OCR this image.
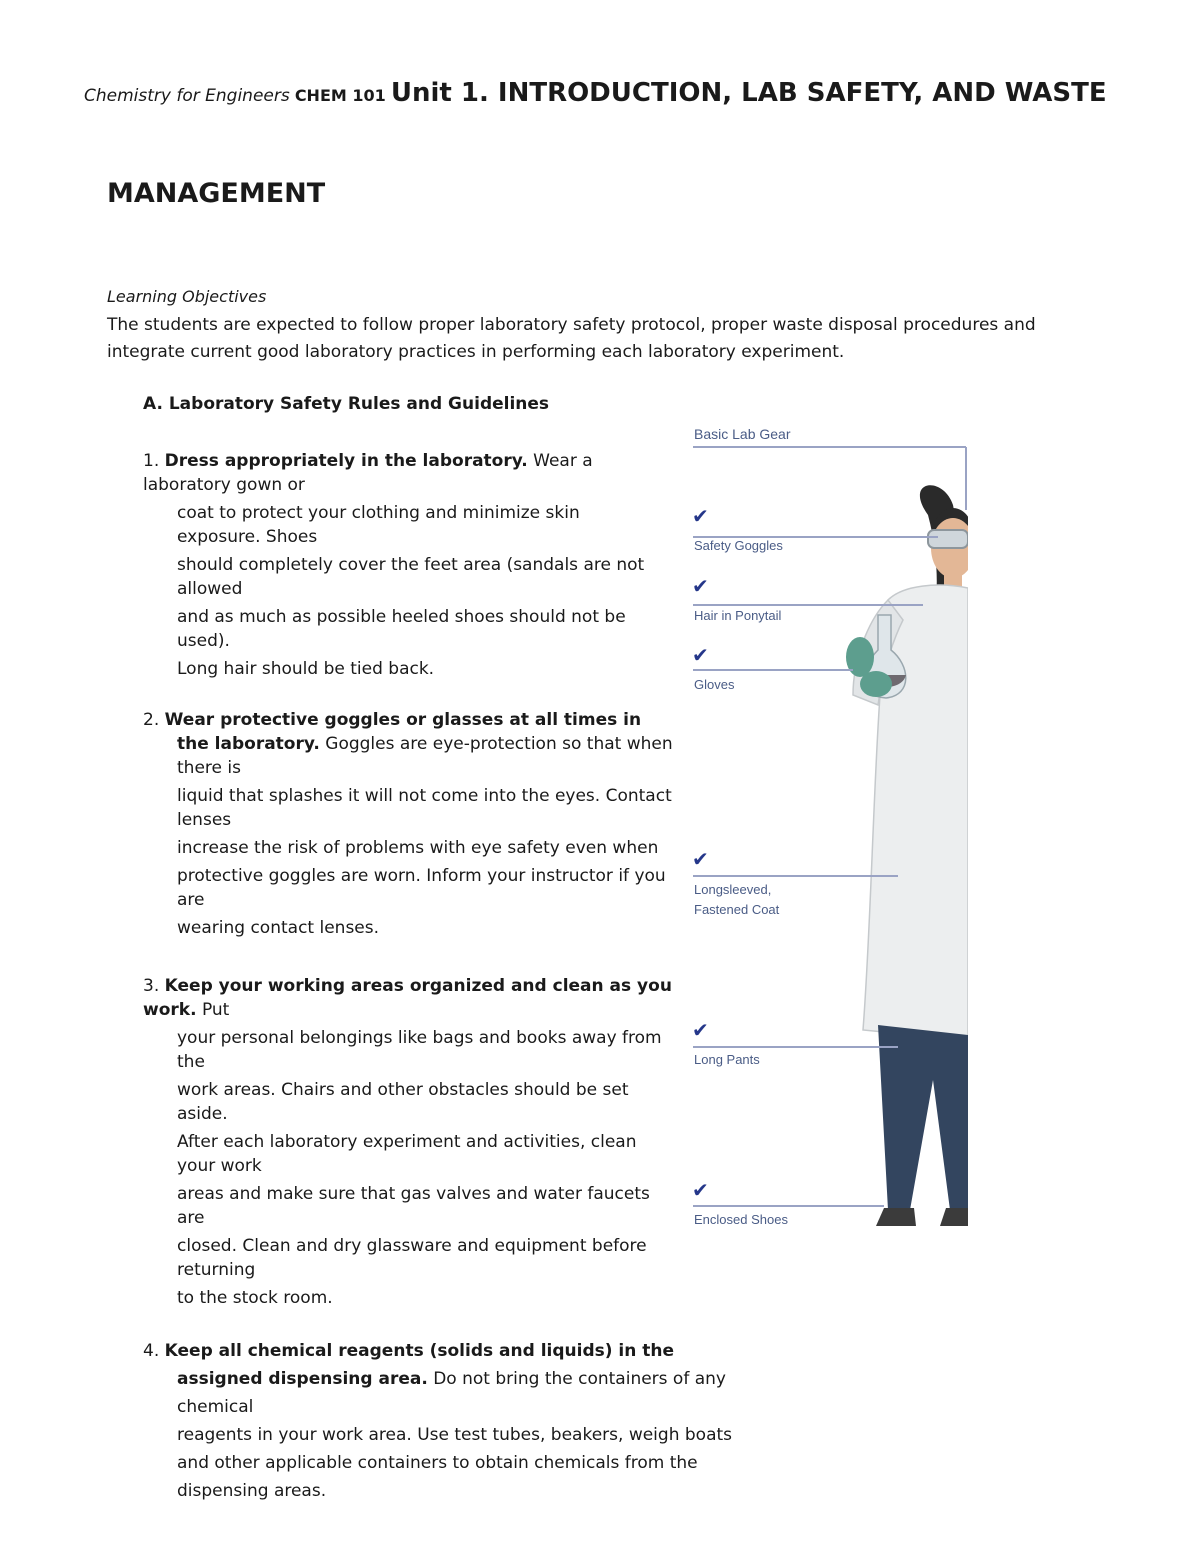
Chemistry for Engineers CHEM 101 Unit 1. INTRODUCTION, LAB SAFETY, AND WASTE
MANAGEMENT
Learning Objectives
The students are expected to follow proper laboratory safety protocol, proper waste disposal procedures and integrate current good laboratory practices in performing each laboratory experiment.
A. Laboratory Safety Rules and Guidelines

1. Dress appropriately in the laboratory. Wear a laboratory gown or

coat to protect your clothing and minimize skin exposure. Shoes

should completely cover the feet area (sandals are not allowed

and as much as possible heeled shoes should not be used).

Long hair should be tied back.

2. Wear protective goggles or glasses at all times in the laboratory. Goggles are eye-protection so that when there is

liquid that splashes it will not come into the eyes. Contact lenses

increase the risk of problems with eye safety even when

protective goggles are worn. Inform your instructor if you are

wearing contact lenses.

3. Keep your working areas organized and clean as you work. Put

your personal belongings like bags and books away from the

work areas. Chairs and other obstacles should be set aside.

After each laboratory experiment and activities, clean your work

areas and make sure that gas valves and water faucets are

closed. Clean and dry glassware and equipment before returning

to the stock room.

4. Keep all chemical reagents (solids and liquids) in the assigned dispensing area. Do not bring the containers of any chemical

reagents in your work area. Use test tubes, beakers, weigh boats

and other applicable containers to obtain chemicals from the

dispensing areas.

Basic Lab Gear
✔
Safety Goggles
✔
Hair in Ponytail
✔
Gloves
✔
Longsleeved, Fastened Coat
✔
Long Pants
✔
Enclosed Shoes
